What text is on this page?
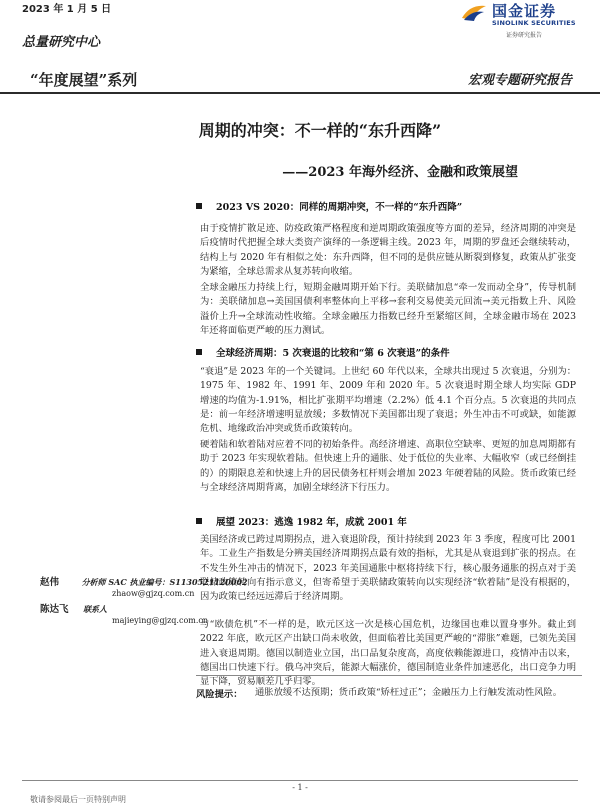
2023 年 1 月 5 日
总量研究中心
“年度展望”系列	宏观专题研究报告
国金证券
SINOLINK SECURITIES
证券研究报告
周期的冲突：不一样的“东升西降”
——2023 年海外经济、金融和政策展望
2023 VS 2020：同样的周期冲突，不一样的“东升西降”
由于疫情扩散足迹、防疫政策严格程度和逆周期政策强度等方面的差异，经济周期的冲突是后疫情时代把握全球大类资产演绎的一条逻辑主线。2023 年，周期的罗盘还会继续转动，结构上与 2020 年有相似之处：东升西降，但不同的是供应链从断裂到修复，政策从扩张变为紧缩，全球总需求从复苏转向收缩。
全球金融压力持续上行，短期金融周期开始下行。美联储加息“牵一发而动全身”，传导机制为：美联储加息→美国国债利率整体向上平移→套利交易使美元回流→美元指数上升、风险溢价上升→全球流动性收缩。全球金融压力指数已经升至紧缩区间，全球金融市场在 2023 年还将面临更严峻的压力测试。
全球经济周期：5 次衰退的比较和“第 6 次衰退”的条件
“衰退”是 2023 年的一个关键词。上世纪 60 年代以来，全球共出现过 5 次衰退，分别为：1975 年、1982 年、1991 年、2009 年和 2020 年。5 次衰退时期全球人均实际 GDP 增速的均值为-1.91%，相比扩张期平均增速（2.2%）低 4.1 个百分点。5 次衰退的共同点是：前一年经济增速明显放缓；多数情况下美国都出现了衰退；外生冲击不可或缺，如能源危机、地缘政治冲突或货币政策转向。
硬着陆和软着陆对应着不同的初始条件。高经济增速、高职位空缺率、更短的加息周期都有助于 2023 年实现软着陆。但快速上升的通胀、处于低位的失业率、大幅收窄（或已经倒挂的）的期限息差和快速上升的居民债务杠杆则会增加 2023 年硬着陆的风险。货币政策已经与全球经济周期背离，加剧全球经济下行压力。
展望 2023：逃逸 1982 年，成就 2001 年
美国经济或已跨过周期拐点，进入衰退阶段，预计持续到 2023 年 3 季度，程度可比 2001 年。工业生产指数是分辨美国经济周期拐点最有效的指标，尤其是从衰退到扩张的拐点。在不发生外生冲击的情况下，2023 年美国通胀中枢将持续下行，核心服务通胀的拐点对于美联储政策转向有指示意义，但寄希望于美联储政策转向以实现经济“软着陆”是没有根据的，因为政策已经远远滞后于经济周期。
与“欧债危机”不一样的是，欧元区这一次是核心国危机，边缘国也难以置身事外。截止到 2022 年底，欧元区产出缺口尚未收敛，但面临着比美国更严峻的“滞胀”难题，已领先美国进入衰退周期。德国以制造业立国，出口品复杂度高，高度依赖能源进口，疫情冲击以来，德国出口快速下行。俄乌冲突后，能源大幅涨价，德国制造业条件加速恶化，出口竞争力明显下降，贸易顺差几乎归零。
赵伟	分析师 SAC 执业编号：S1130521120002
zhaow@gjzq.com.cn
陈达飞 联系人
majieying@gjzq.com.cn
风险提示： 通胀放缓不达预期；货币政策“矫枉过正”；金融压力上行触发流动性风险。
- 1 -
敬请参阅最后一页特别声明
